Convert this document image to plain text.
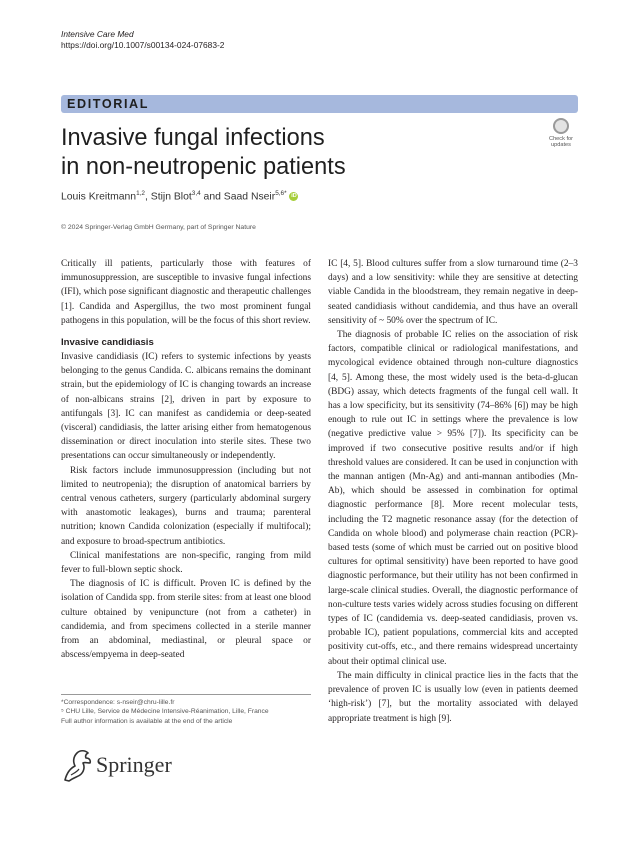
Intensive Care Med
https://doi.org/10.1007/s00134-024-07683-2
EDITORIAL
Check for
updates
Invasive fungal infections
in non-neutropenic patients
Louis Kreitmann$^{1,2}$, Stijn Blot$^{3,4}$ and Saad Nseir$^{5,6*}$ iD
© 2024 Springer-Verlag GmbH Germany, part of Springer Nature

Critically ill patients, particularly those with features of immunosuppression, are susceptible to invasive fungal infections (IFI), which pose significant diagnostic and therapeutic challenges [1]. Candida and Aspergillus, the two most prominent fungal pathogens in this population, will be the focus of this short review.

Invasive candidiasis

Invasive candidiasis (IC) refers to systemic infections by yeasts belonging to the genus Candida. C. albicans remains the dominant strain, but the epidemiology of IC is changing towards an increase of non-albicans strains [2], driven in part by exposure to antifungals [3]. IC can manifest as candidemia or deep-seated (visceral) candidiasis, the latter arising either from hematogenous dissemination or direct inoculation into sterile sites. These two presentations can occur simultaneously or independently.

Risk factors include immunosuppression (including but not limited to neutropenia); the disruption of anatomical barriers by central venous catheters, surgery (particularly abdominal surgery with anastomotic leakages), burns and trauma; parenteral nutrition; known Candida colonization (especially if multifocal); and exposure to broad-spectrum antibiotics.

Clinical manifestations are non-specific, ranging from mild fever to full-blown septic shock.

The diagnosis of IC is difficult. Proven IC is defined by the isolation of Candida spp. from sterile sites: from at least one blood culture obtained by venipuncture (not from a catheter) in candidemia, and from specimens collected in a sterile manner from an abdominal, mediastinal, or pleural space or abscess/empyema in deep-seated

IC [4, 5]. Blood cultures suffer from a slow turnaround time (2–3 days) and a low sensitivity: while they are sensitive at detecting viable Candida in the bloodstream, they remain negative in deep-seated candidiasis without candidemia, and thus have an overall sensitivity of ~ 50% over the spectrum of IC.

The diagnosis of probable IC relies on the association of risk factors, compatible clinical or radiological manifestations, and mycological evidence obtained through non-culture diagnostics [4, 5]. Among these, the most widely used is the beta-d-glucan (BDG) assay, which detects fragments of the fungal cell wall. It has a low specificity, but its sensitivity (74–86% [6]) may be high enough to rule out IC in settings where the prevalence is low (negative predictive value > 95% [7]). Its specificity can be improved if two consecutive positive results and/or if high threshold values are considered. It can be used in conjunction with the mannan antigen (Mn-Ag) and anti-mannan antibodies (Mn-Ab), which should be assessed in combination for optimal diagnostic performance [8]. More recent molecular tests, including the T2 magnetic resonance assay (for the detection of Candida on whole blood) and polymerase chain reaction (PCR)-based tests (some of which must be carried out on positive blood cultures for optimal sensitivity) have been reported to have good diagnostic performance, but their utility has not been confirmed in large-scale clinical studies. Overall, the diagnostic performance of non-culture tests varies widely across studies focusing on different types of IC (candidemia vs. deep-seated candidiasis, proven vs. probable IC), patient populations, commercial kits and accepted positivity cut-offs, etc., and there remains widespread uncertainty about their optimal clinical use.

The main difficulty in clinical practice lies in the facts that the prevalence of proven IC is usually low (even in patients deemed ‘high-risk’) [7], but the mortality associated with delayed appropriate treatment is high [9].

*Correspondence: s-nseir@chru-lille.fr
⁵ CHU Lille, Service de Médecine Intensive-Réanimation, Lille, France
Full author information is available at the end of the article
Springer
